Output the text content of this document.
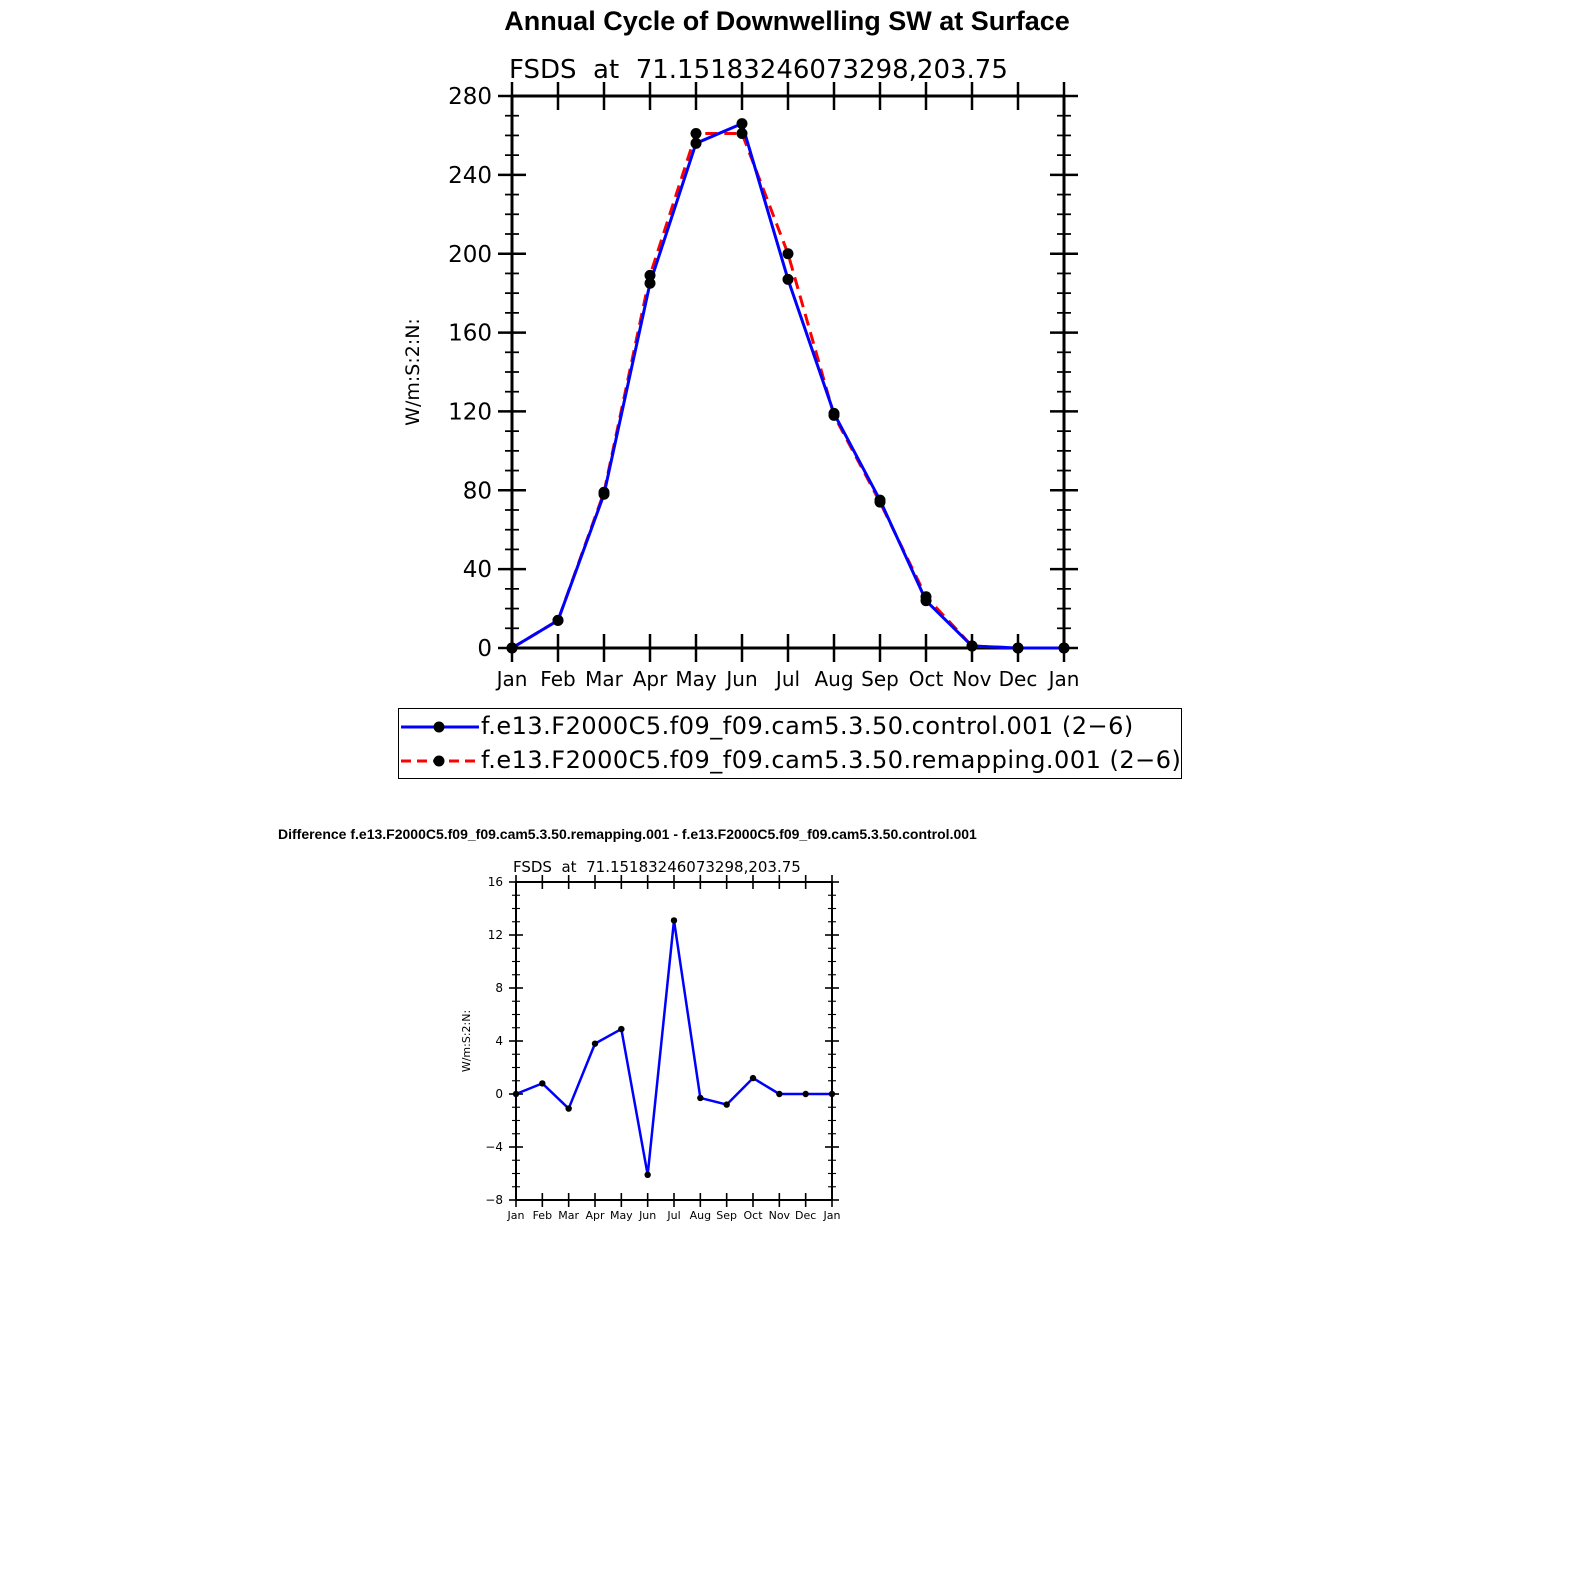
Annual Cycle of Downwelling SW at Surface
FSDS  at  71.15183246073298,203.75
W/m:S:2:N:
0
40
80
120
160
200
240
280
Jan Feb Mar Apr May Jun Jul Aug Sep Oct Nov Dec Jan
f.e13.F2000C5.f09_f09.cam5.3.50.control.001 (2−6)
f.e13.F2000C5.f09_f09.cam5.3.50.remapping.001 (2−6)
Difference f.e13.F2000C5.f09_f09.cam5.3.50.remapping.001 - f.e13.F2000C5.f09_f09.cam5.3.50.control.001
FSDS  at  71.15183246073298,203.75
W/m:S:2:N:
−8
−4
0
4
8
12
16
Jan Feb Mar Apr May Jun Jul Aug Sep Oct Nov Dec Jan
